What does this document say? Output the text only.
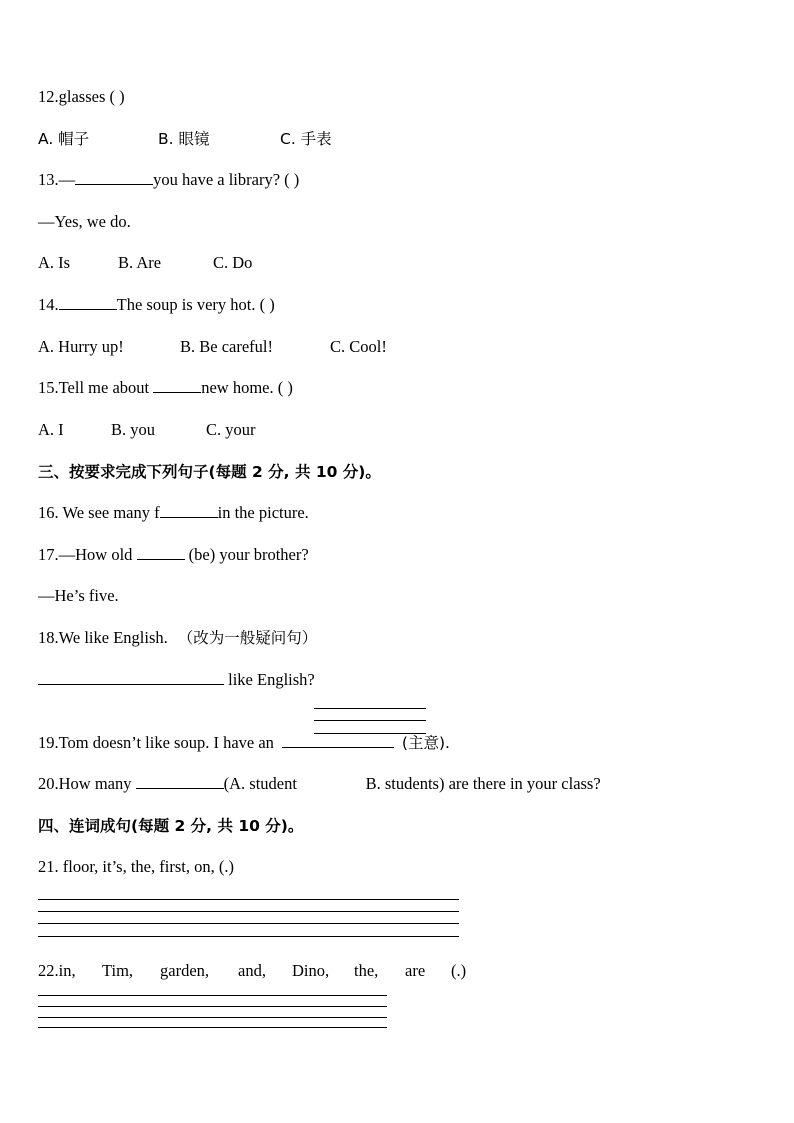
12.glasses ( )
A. 帽子	B. 眼镜	C. 手表
13.—	you have a library? ( )
—Yes, we do.
A. Is	B. Are	C. Do
14.	The soup is very hot. ( )
A. Hurry up!	B. Be careful!	C. Cool!
15.Tell me about	new home. ( )
A. I	B. you	C. your
三、按要求完成下列句子(每题 2 分, 共 10 分)。
16. We see many f	in the picture.
17.—How old	(be) your brother?
—He’s five.
18.We like English. （改为一般疑问句）
like English?
19.Tom doesn’t like soup. I have an	(主意).
20.How many	(A. student	B. students) are there in your class?
四、连词成句(每题 2 分, 共 10 分)。
21. floor, it’s, the, first, on, (.)
22.in, Tim, garden, and, Dino, the, are (.)
